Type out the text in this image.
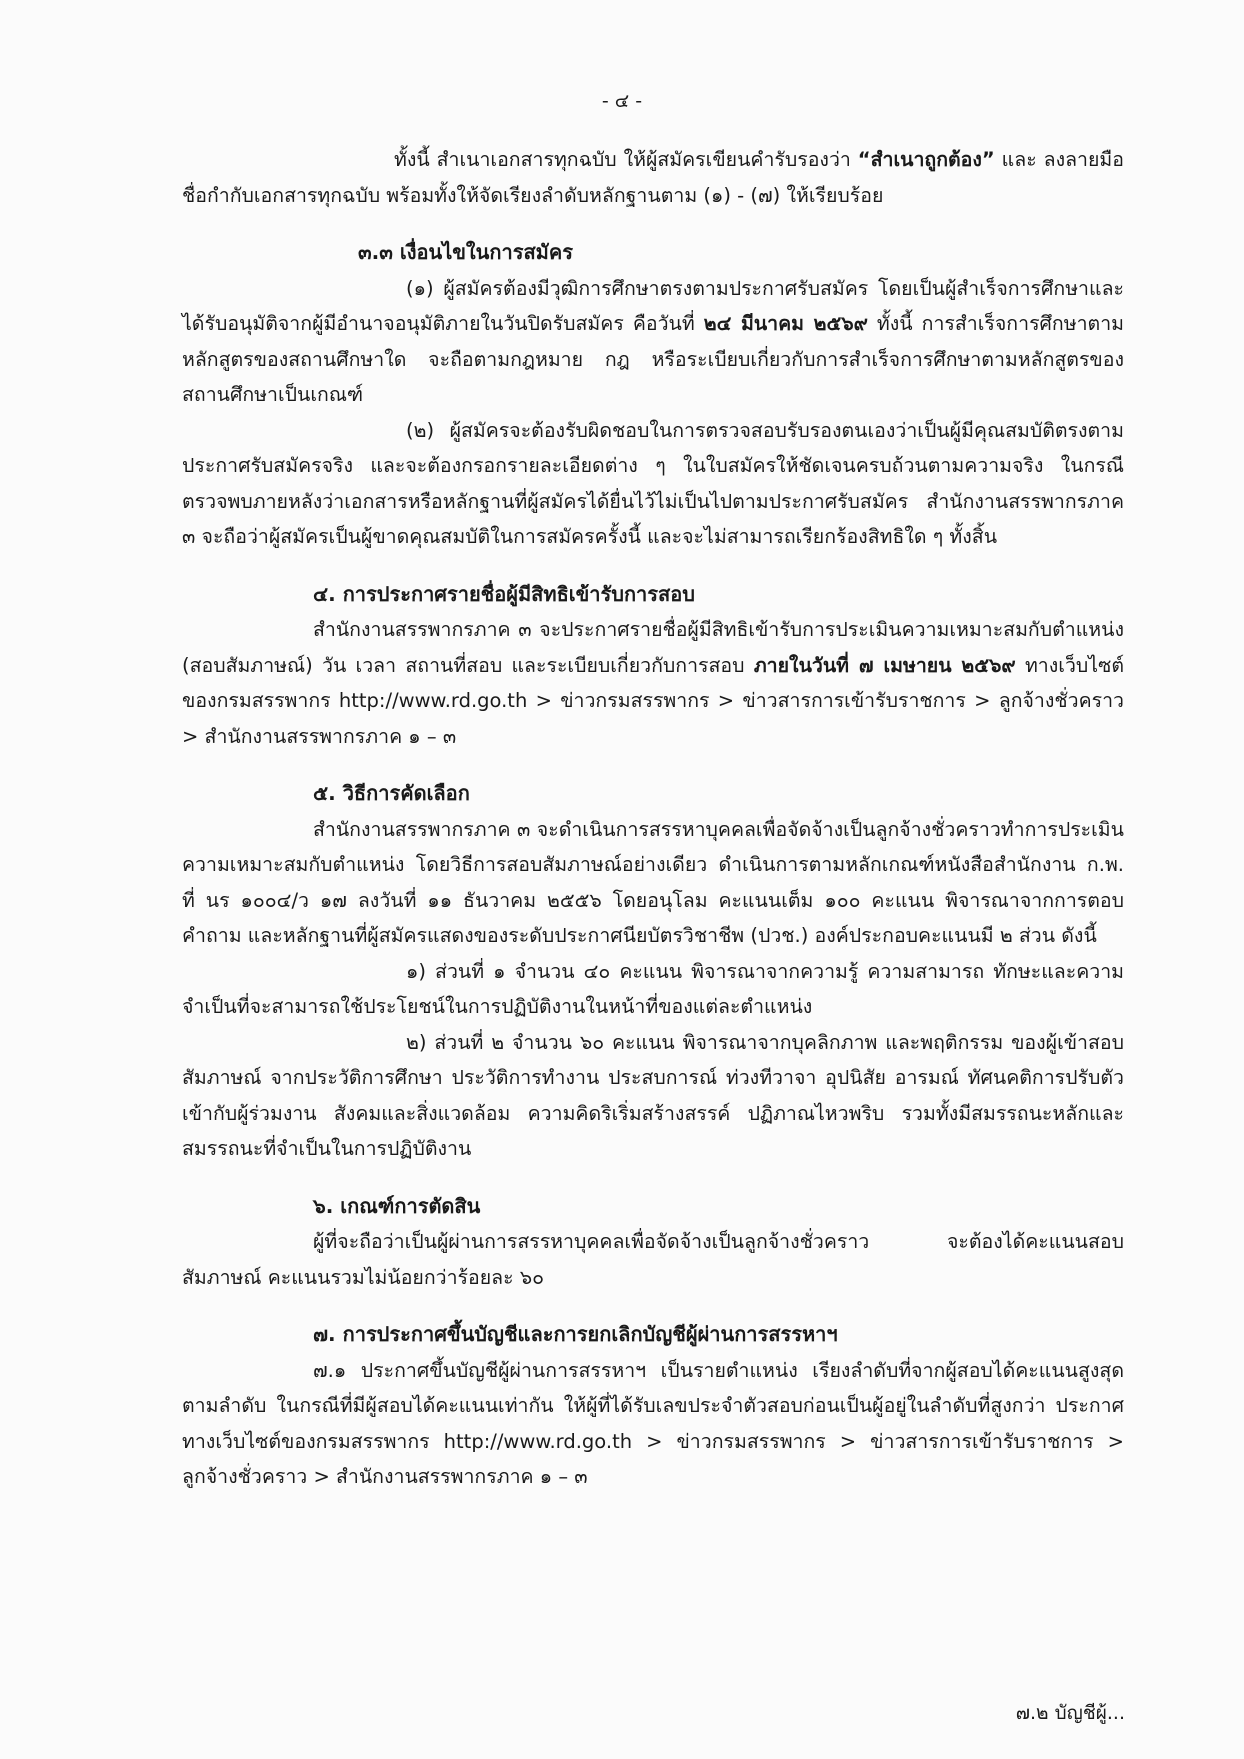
- ๔ -

ทั้งนี้ สำเนาเอกสารทุกฉบับ ให้ผู้สมัครเขียนคำรับรองว่า “สำเนาถูกต้อง” และ ลงลายมือชื่อกำกับเอกสารทุกฉบับ พร้อมทั้งให้จัดเรียงลำดับหลักฐานตาม (๑) - (๗) ให้เรียบร้อย

๓.๓ เงื่อนไขในการสมัคร

(๑) ผู้สมัครต้องมีวุฒิการศึกษาตรงตามประกาศรับสมัคร โดยเป็นผู้สำเร็จการศึกษาและได้รับอนุมัติจากผู้มีอำนาจอนุมัติภายในวันปิดรับสมัคร คือวันที่ ๒๔ มีนาคม ๒๕๖๙ ทั้งนี้ การสำเร็จการศึกษาตามหลักสูตรของสถานศึกษาใด จะถือตามกฎหมาย กฎ หรือระเบียบเกี่ยวกับการสำเร็จการศึกษาตามหลักสูตรของสถานศึกษาเป็นเกณฑ์

(๒) ผู้สมัครจะต้องรับผิดชอบในการตรวจสอบรับรองตนเองว่าเป็นผู้มีคุณสมบัติตรงตามประกาศรับสมัครจริง และจะต้องกรอกรายละเอียดต่าง ๆ ในใบสมัครให้ชัดเจนครบถ้วนตามความจริง ในกรณีตรวจพบภายหลังว่าเอกสารหรือหลักฐานที่ผู้สมัครได้ยื่นไว้ไม่เป็นไปตามประกาศรับสมัคร สำนักงานสรรพากรภาค ๓ จะถือว่าผู้สมัครเป็นผู้ขาดคุณสมบัติในการสมัครครั้งนี้ และจะไม่สามารถเรียกร้องสิทธิใด ๆ ทั้งสิ้น

๔. การประกาศรายชื่อผู้มีสิทธิเข้ารับการสอบ

สำนักงานสรรพากรภาค ๓ จะประกาศรายชื่อผู้มีสิทธิเข้ารับการประเมินความเหมาะสมกับตำแหน่ง (สอบสัมภาษณ์) วัน เวลา สถานที่สอบ และระเบียบเกี่ยวกับการสอบ ภายในวันที่ ๗ เมษายน ๒๕๖๙ ทางเว็บไซต์ของกรมสรรพากร http://www.rd.go.th > ข่าวกรมสรรพากร > ข่าวสารการเข้ารับราชการ > ลูกจ้างชั่วคราว > สำนักงานสรรพากรภาค ๑ – ๓

๕. วิธีการคัดเลือก

สำนักงานสรรพากรภาค ๓ จะดำเนินการสรรหาบุคคลเพื่อจัดจ้างเป็นลูกจ้างชั่วคราวทำการประเมินความเหมาะสมกับตำแหน่ง โดยวิธีการสอบสัมภาษณ์อย่างเดียว ดำเนินการตามหลักเกณฑ์หนังสือสำนักงาน ก.พ. ที่ นร ๑๐๐๔/ว ๑๗ ลงวันที่ ๑๑ ธันวาคม ๒๕๕๖ โดยอนุโลม คะแนนเต็ม ๑๐๐ คะแนน พิจารณาจากการตอบคำถาม และหลักฐานที่ผู้สมัครแสดงของระดับประกาศนียบัตรวิชาชีพ (ปวช.) องค์ประกอบคะแนนมี ๒ ส่วน ดังนี้

๑) ส่วนที่ ๑ จำนวน ๔๐ คะแนน พิจารณาจากความรู้ ความสามารถ ทักษะและความจำเป็นที่จะสามารถใช้ประโยชน์ในการปฏิบัติงานในหน้าที่ของแต่ละตำแหน่ง

๒) ส่วนที่ ๒ จำนวน ๖๐ คะแนน พิจารณาจากบุคลิกภาพ และพฤติกรรม ของผู้เข้าสอบสัมภาษณ์ จากประวัติการศึกษา ประวัติการทำงาน ประสบการณ์ ท่วงทีวาจา อุปนิสัย อารมณ์ ทัศนคติการปรับตัวเข้ากับผู้ร่วมงาน สังคมและสิ่งแวดล้อม ความคิดริเริ่มสร้างสรรค์ ปฏิภาณไหวพริบ รวมทั้งมีสมรรถนะหลักและสมรรถนะที่จำเป็นในการปฏิบัติงาน

๖. เกณฑ์การตัดสิน

ผู้ที่จะถือว่าเป็นผู้ผ่านการสรรหาบุคคลเพื่อจัดจ้างเป็นลูกจ้างชั่วคราว จะต้องได้คะแนนสอบสัมภาษณ์ คะแนนรวมไม่น้อยกว่าร้อยละ ๖๐

๗. การประกาศขึ้นบัญชีและการยกเลิกบัญชีผู้ผ่านการสรรหาฯ

๗.๑ ประกาศขึ้นบัญชีผู้ผ่านการสรรหาฯ เป็นรายตำแหน่ง เรียงลำดับที่จากผู้สอบได้คะแนนสูงสุดตามลำดับ ในกรณีที่มีผู้สอบได้คะแนนเท่ากัน ให้ผู้ที่ได้รับเลขประจำตัวสอบก่อนเป็นผู้อยู่ในลำดับที่สูงกว่า ประกาศทางเว็บไซต์ของกรมสรรพากร http://www.rd.go.th > ข่าวกรมสรรพากร > ข่าวสารการเข้ารับราชการ > ลูกจ้างชั่วคราว > สำนักงานสรรพากรภาค ๑ – ๓

๗.๒ บัญชีผู้...
